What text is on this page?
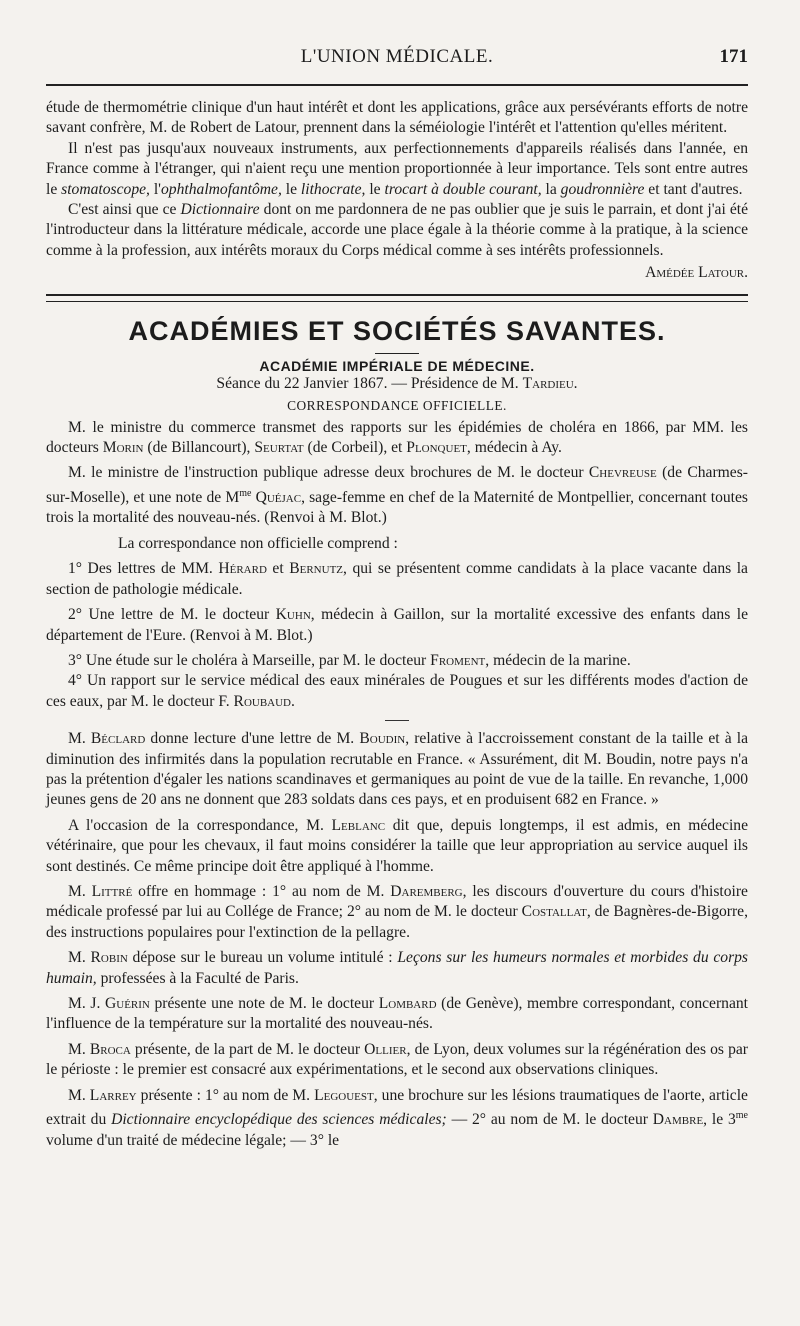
L'UNION MÉDICALE.	171

étude de thermométrie clinique d'un haut intérêt et dont les applications, grâce aux persévérants efforts de notre savant confrère, M. de Robert de Latour, prennent dans la séméiologie l'intérêt et l'attention qu'elles méritent.

Il n'est pas jusqu'aux nouveaux instruments, aux perfectionnements d'appareils réalisés dans l'année, en France comme à l'étranger, qui n'aient reçu une mention proportionnée à leur importance. Tels sont entre autres le stomatoscope, l'ophthalmofantôme, le lithocrate, le trocart à double courant, la goudronnière et tant d'autres.

C'est ainsi que ce Dictionnaire dont on me pardonnera de ne pas oublier que je suis le parrain, et dont j'ai été l'introducteur dans la littérature médicale, accorde une place égale à la théorie comme à la pratique, à la science comme à la profession, aux intérêts moraux du Corps médical comme à ses intérêts professionnels.

Amédée Latour.

ACADÉMIES ET SOCIÉTÉS SAVANTES.
ACADÉMIE IMPÉRIALE DE MÉDECINE.
Séance du 22 Janvier 1867. — Présidence de M. Tardieu.
CORRESPONDANCE OFFICIELLE.

M. le ministre du commerce transmet des rapports sur les épidémies de choléra en 1866, par MM. les docteurs Morin (de Billancourt), Seurtat (de Corbeil), et Plonquet, médecin à Ay.

M. le ministre de l'instruction publique adresse deux brochures de M. le docteur Chevreuse (de Charmes-sur-Moselle), et une note de $M^{me}$ Quéjac, sage-femme en chef de la Maternité de Montpellier, concernant toutes trois la mortalité des nouveau-nés. (Renvoi à M. Blot.)

La correspondance non officielle comprend :

1° Des lettres de MM. Hérard et Bernutz, qui se présentent comme candidats à la place vacante dans la section de pathologie médicale.

2° Une lettre de M. le docteur Kuhn, médecin à Gaillon, sur la mortalité excessive des enfants dans le département de l'Eure. (Renvoi à M. Blot.)

3° Une étude sur le choléra à Marseille, par M. le docteur Froment, médecin de la marine.

4° Un rapport sur le service médical des eaux minérales de Pougues et sur les différents modes d'action de ces eaux, par M. le docteur F. Roubaud.

M. Béclard donne lecture d'une lettre de M. Boudin, relative à l'accroissement constant de la taille et à la diminution des infirmités dans la population recrutable en France. « Assurément, dit M. Boudin, notre pays n'a pas la prétention d'égaler les nations scandinaves et germaniques au point de vue de la taille. En revanche, 1,000 jeunes gens de 20 ans ne donnent que 283 soldats dans ces pays, et en produisent 682 en France. »

A l'occasion de la correspondance, M. Leblanc dit que, depuis longtemps, il est admis, en médecine vétérinaire, que pour les chevaux, il faut moins considérer la taille que leur appropriation au service auquel ils sont destinés. Ce même principe doit être appliqué à l'homme.

M. Littré offre en hommage : 1° au nom de M. Daremberg, les discours d'ouverture du cours d'histoire médicale professé par lui au Collége de France; 2° au nom de M. le docteur Costallat, de Bagnères-de-Bigorre, des instructions populaires pour l'extinction de la pellagre.

M. Robin dépose sur le bureau un volume intitulé : Leçons sur les humeurs normales et morbides du corps humain, professées à la Faculté de Paris.

M. J. Guérin présente une note de M. le docteur Lombard (de Genève), membre correspondant, concernant l'influence de la température sur la mortalité des nouveau-nés.

M. Broca présente, de la part de M. le docteur Ollier, de Lyon, deux volumes sur la régénération des os par le périoste : le premier est consacré aux expérimentations, et le second aux observations cliniques.

M. Larrey présente : 1° au nom de M. Legouest, une brochure sur les lésions traumatiques de l'aorte, article extrait du Dictionnaire encyclopédique des sciences médicales; — 2° au nom de M. le docteur Dambre, le $3^{me}$ volume d'un traité de médecine légale; — 3° le
